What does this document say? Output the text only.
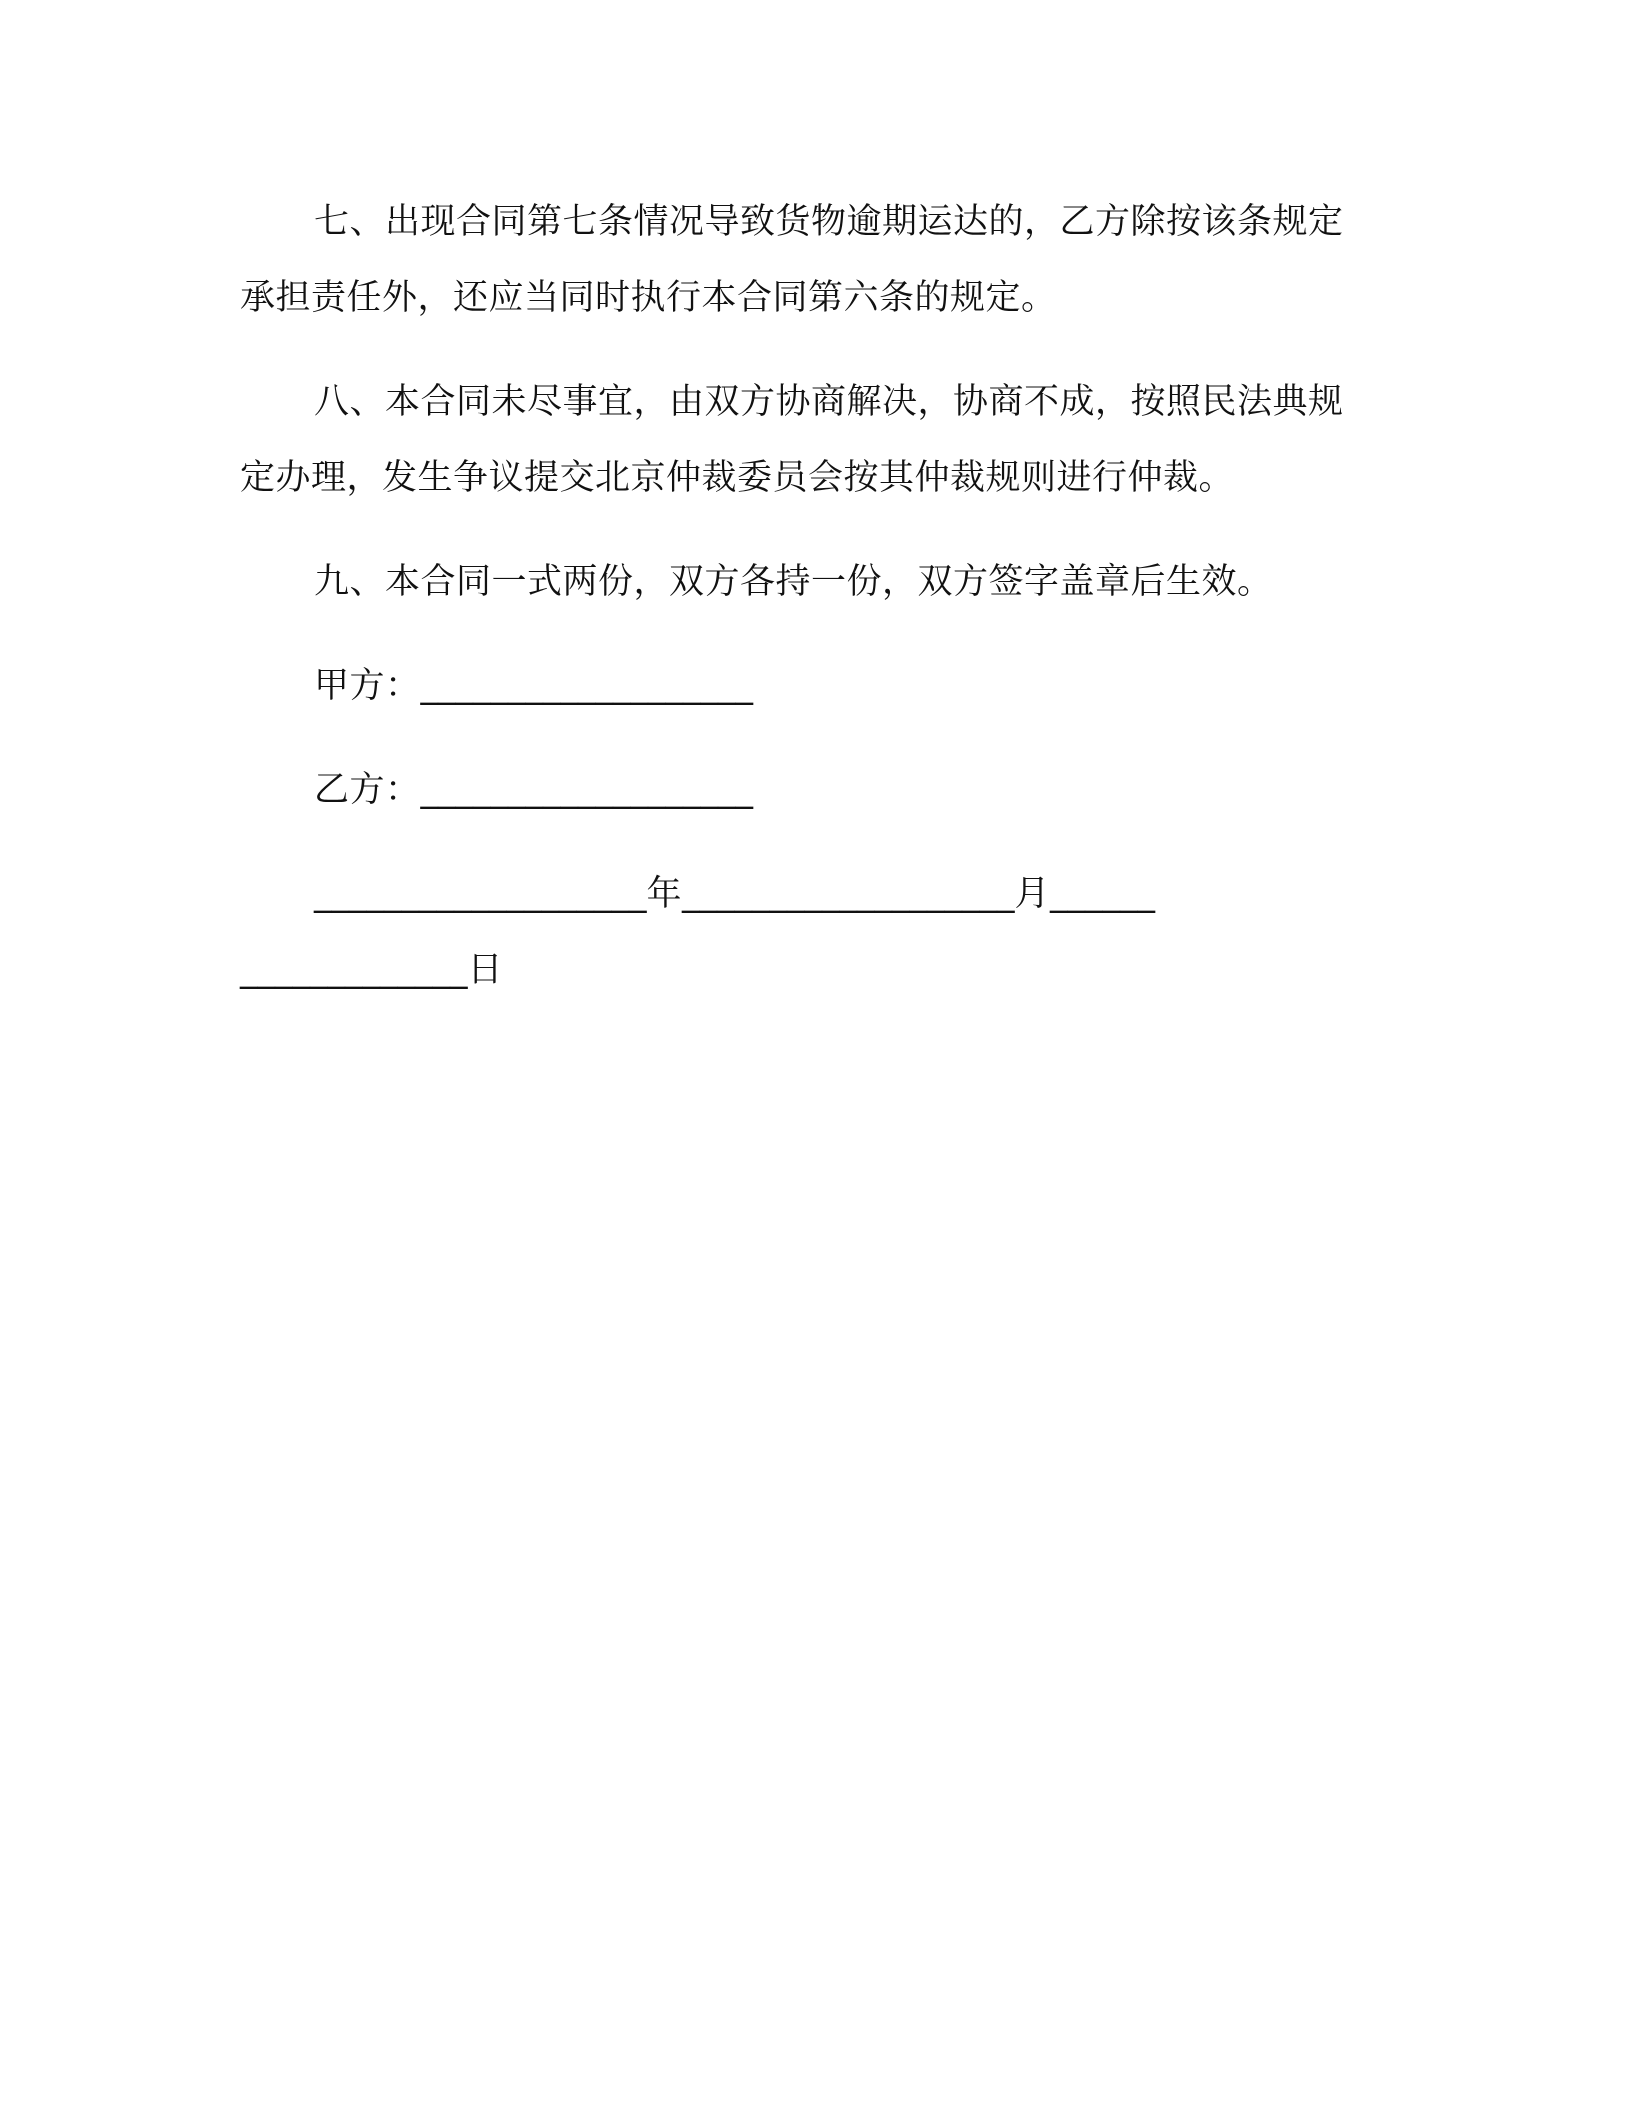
七、出现合同第七条情况导致货物逾期运达的，乙方除按该条规定承担责任外，还应当同时执行本合同第六条的规定。

八、本合同未尽事宜，由双方协商解决，协商不成，按照民法典规定办理，发生争议提交北京仲裁委员会按其仲裁规则进行仲裁。

九、本合同一式两份，双方各持一份，双方签字盖章后生效。

甲方：___________________
乙方：___________________

___________________年___________________月___________________日
